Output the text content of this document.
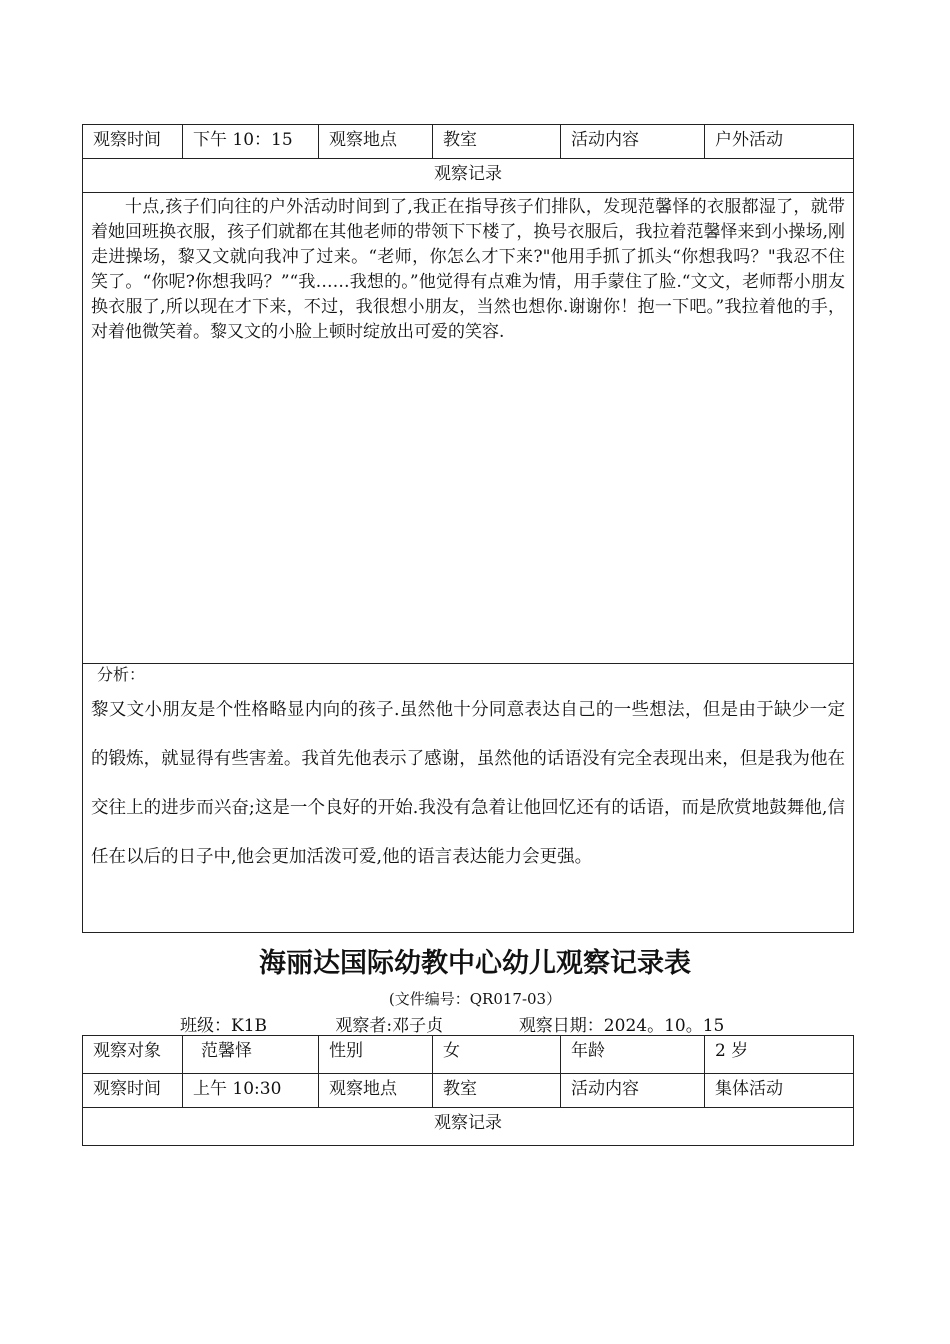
观察时间	下午 10：15	观察地点	教室	活动内容	户外活动
观察记录
十点,孩子们向往的户外活动时间到了,我正在指导孩子们排队，发现范馨怿的衣服都湿了，就带着她回班换衣服，孩子们就都在其他老师的带领下下楼了，换号衣服后，我拉着范馨怿来到小操场,刚走进操场，黎又文就向我冲了过来。“老师，你怎么才下来?"他用手抓了抓头“你想我吗？"我忍不住笑了。“你呢?你想我吗？”“我……我想的。”他觉得有点难为情，用手蒙住了脸.“文文，老师帮小朋友换衣服了,所以现在才下来，不过，我很想小朋友，当然也想你.谢谢你！抱一下吧。”我拉着他的手，对着他微笑着。黎又文的小脸上顿时绽放出可爱的笑容.

分析：
黎又文小朋友是个性格略显内向的孩子.虽然他十分同意表达自己的一些想法，但是由于缺少一定的锻炼，就显得有些害羞。我首先他表示了感谢，虽然他的话语没有完全表现出来，但是我为他在交往上的进步而兴奋;这是一个良好的开始.我没有急着让他回忆还有的话语，而是欣赏地鼓舞他,信任在以后的日子中,他会更加活泼可爱,他的语言表达能力会更强。
海丽达国际幼教中心幼儿观察记录表
(文件编号：QR017-03）
班级：K1B	观察者:邓子贞	观察日期：2024。10。15
观察对象	范馨怿	性别	女	年龄	2 岁
观察时间	上午 10:30	观察地点	教室	活动内容	集体活动
观察记录					
